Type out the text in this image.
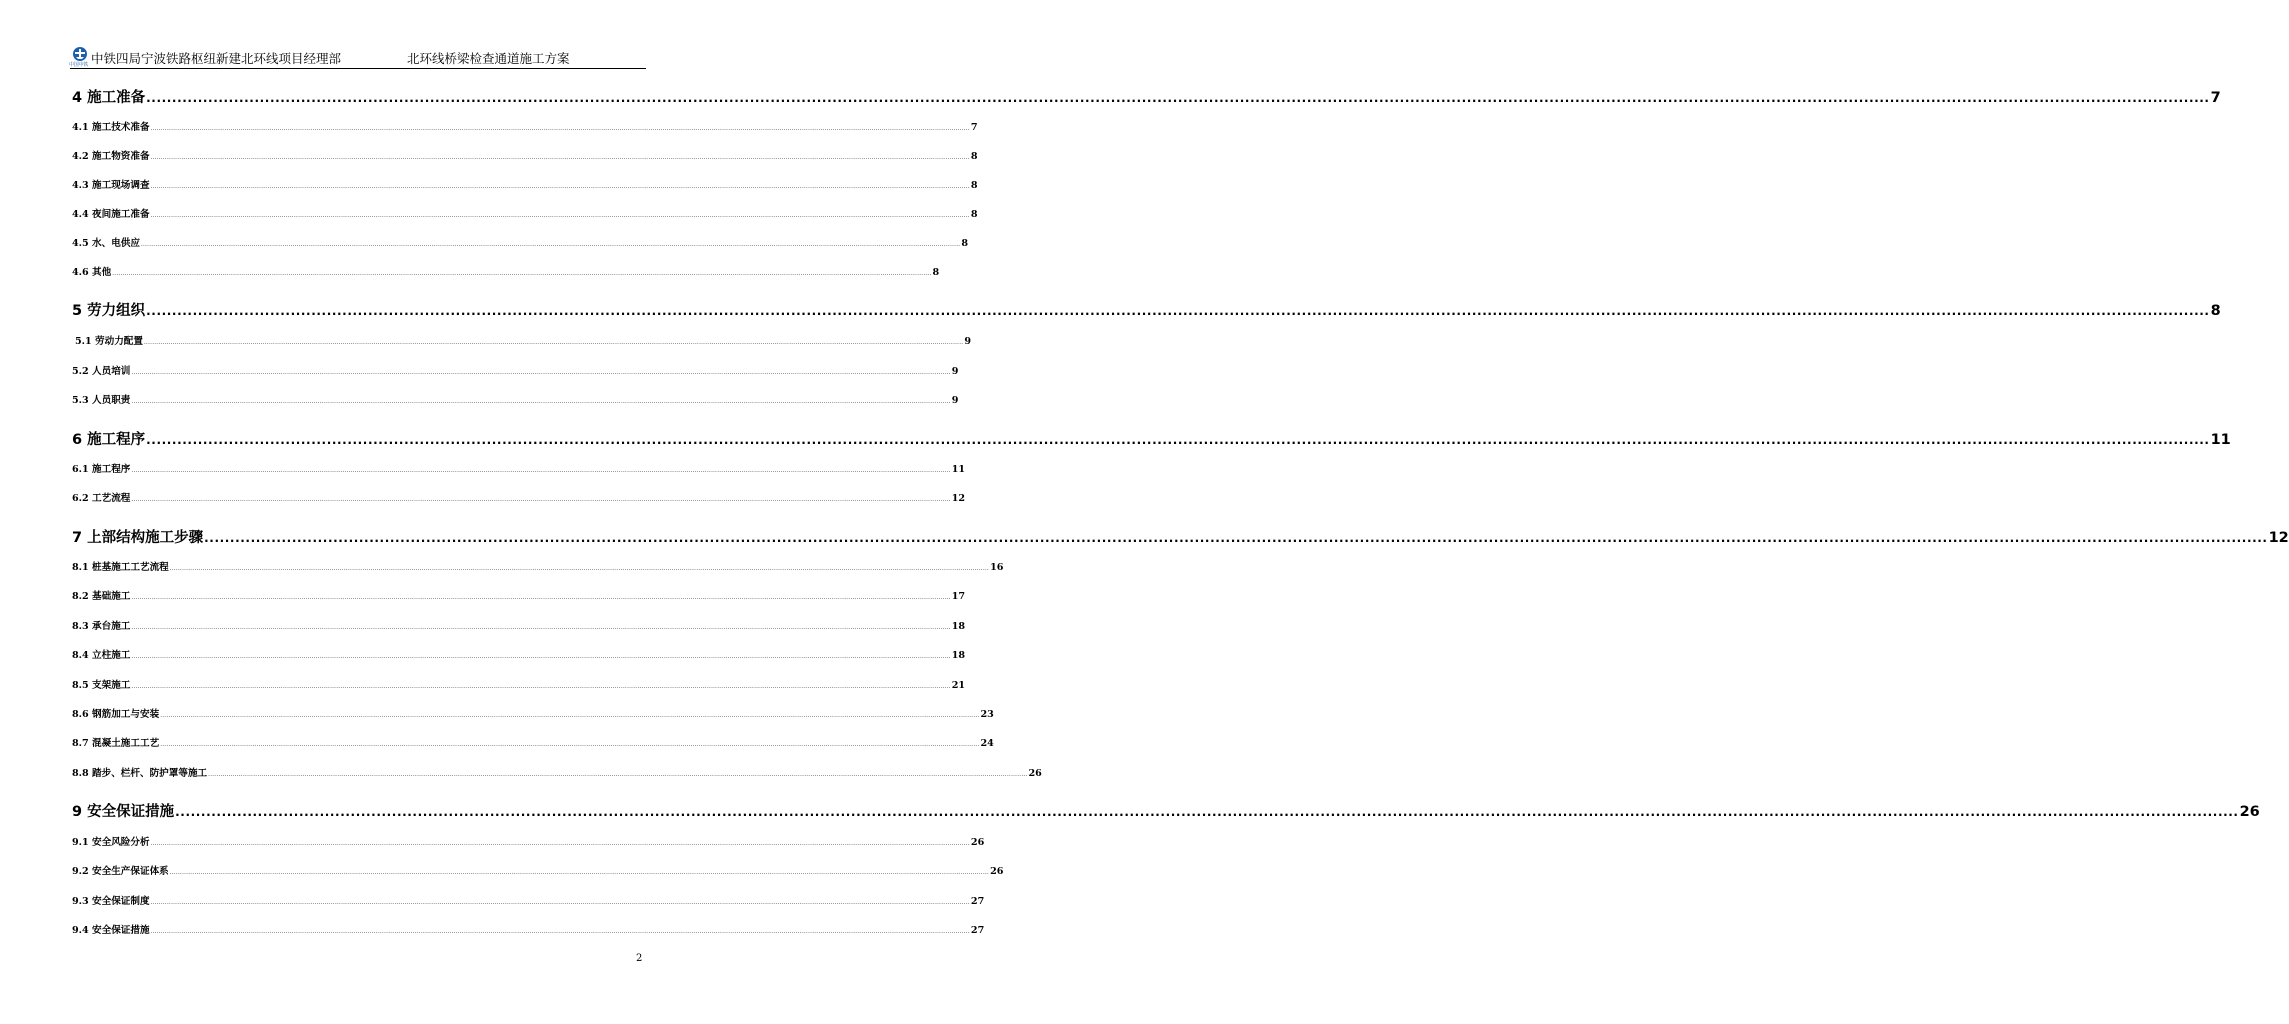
中国中铁 中铁四局宁波铁路枢纽新建北环线项目经理部	北环线桥梁检查通道施工方案
4 施工准备 ................................................................................................................................................................................................................................................................................................................................................................................................................ 7
4.1 施工技术准备 ................................................................................................................................................................................................................................................................................................................................................................................................................ 7
4.2 施工物资准备 ................................................................................................................................................................................................................................................................................................................................................................................................................ 8
4.3 施工现场调查 ................................................................................................................................................................................................................................................................................................................................................................................................................ 8
4.4 夜间施工准备 ................................................................................................................................................................................................................................................................................................................................................................................................................ 8
4.5 水、电供应 ................................................................................................................................................................................................................................................................................................................................................................................................................ 8
4.6 其他 ................................................................................................................................................................................................................................................................................................................................................................................................................ 8
5 劳力组织 ................................................................................................................................................................................................................................................................................................................................................................................................................ 8
5.1 劳动力配置 ................................................................................................................................................................................................................................................................................................................................................................................................................ 9
5.2 人员培训 ................................................................................................................................................................................................................................................................................................................................................................................................................ 9
5.3 人员职责 ................................................................................................................................................................................................................................................................................................................................................................................................................ 9
6 施工程序 ................................................................................................................................................................................................................................................................................................................................................................................................................ 11
6.1 施工程序 ................................................................................................................................................................................................................................................................................................................................................................................................................ 11
6.2 工艺流程 ................................................................................................................................................................................................................................................................................................................................................................................................................ 12
7 上部结构施工步骤 ................................................................................................................................................................................................................................................................................................................................................................................................................ 12
8.1 桩基施工工艺流程 ................................................................................................................................................................................................................................................................................................................................................................................................................ 16
8.2 基础施工 ................................................................................................................................................................................................................................................................................................................................................................................................................ 17
8.3 承台施工 ................................................................................................................................................................................................................................................................................................................................................................................................................ 18
8.4 立柱施工 ................................................................................................................................................................................................................................................................................................................................................................................................................ 18
8.5 支架施工 ................................................................................................................................................................................................................................................................................................................................................................................................................ 21
8.6 钢筋加工与安装 ................................................................................................................................................................................................................................................................................................................................................................................................................ 23
8.7 混凝土施工工艺 ................................................................................................................................................................................................................................................................................................................................................................................................................ 24
8.8 踏步、栏杆、防护罩等施工 ................................................................................................................................................................................................................................................................................................................................................................................................................ 26
9 安全保证措施 ................................................................................................................................................................................................................................................................................................................................................................................................................ 26
9.1 安全风险分析 ................................................................................................................................................................................................................................................................................................................................................................................................................ 26
9.2 安全生产保证体系 ................................................................................................................................................................................................................................................................................................................................................................................................................ 26
9.3 安全保证制度 ................................................................................................................................................................................................................................................................................................................................................................................................................ 27
9.4 安全保证措施 ................................................................................................................................................................................................................................................................................................................................................................................................................ 27
2
